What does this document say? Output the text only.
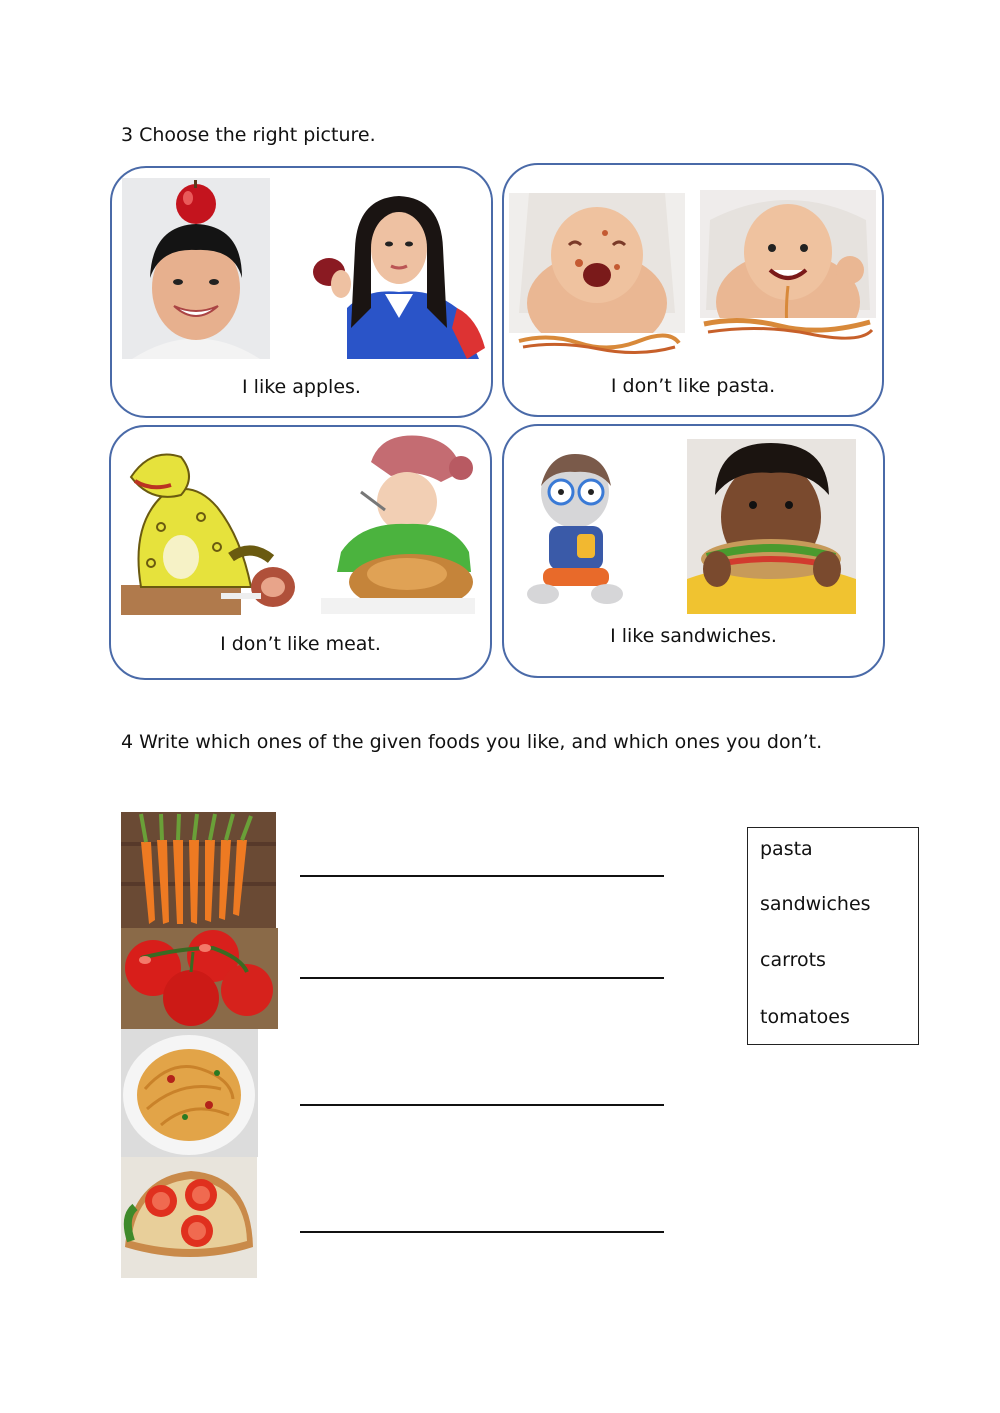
3 Choose the right picture.
I like apples.	I don’t like pasta.
I don’t like meat.	I like sandwiches.
4 Write which ones of the given foods you like, and which ones you don’t.
pasta
sandwiches
carrots
tomatoes
